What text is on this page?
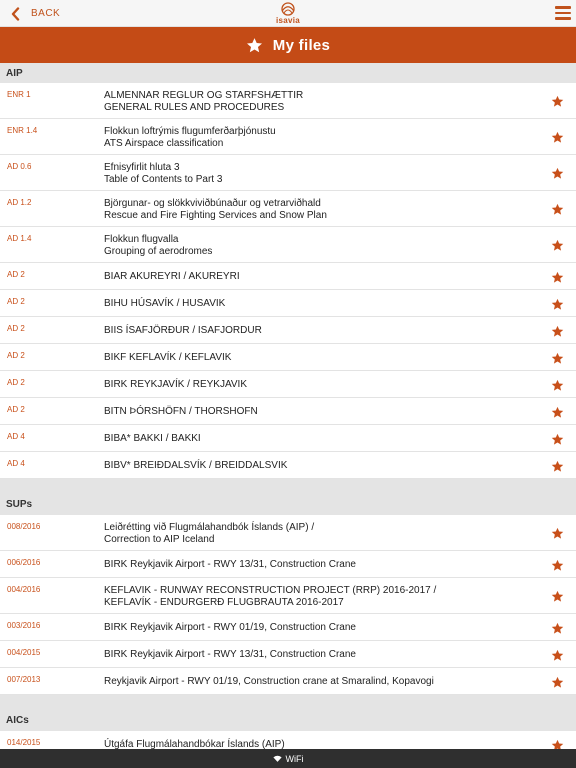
BACK
isavia
My files
AIP
ENR 1	ALMENNAR REGLUR OG STARFSHÆTTIR
GENERAL RULES AND PROCEDURES
ENR 1.4	Flokkun loftrýmis flugumferðarþjónustu
ATS Airspace classification
AD 0.6	Efnisyfirlit hluta 3
Table of Contents to Part 3
AD 1.2	Björgunar- og slökkviviðbúnaður og vetrarviðhald
Rescue and Fire Fighting Services and Snow Plan
AD 1.4	Flokkun flugvalla
Grouping of aerodromes
AD 2	BIAR AKUREYRI / AKUREYRI
AD 2	BIHU HÚSAVÍK / HUSAVIK
AD 2	BIIS ÍSAFJÖRÐUR / ISAFJORDUR
AD 2	BIKF KEFLAVÍK / KEFLAVIK
AD 2	BIRK REYKJAVÍK / REYKJAVIK
AD 2	BITN ÞÓRSHÖFN / THORSHOFN
AD 4	BIBA* BAKKI / BAKKI
AD 4	BIBV* BREIÐDALSVÍK / BREIDDALSVIK
SUPs
008/2016	Leiðrétting við Flugmálahandbók Íslands (AIP) /
Correction to AIP Iceland
006/2016	BIRK Reykjavik Airport - RWY 13/31, Construction Crane
004/2016	KEFLAVIK - RUNWAY RECONSTRUCTION PROJECT (RRP) 2016-2017 /
KEFLAVÍK - ENDURGERÐ FLUGBRAUTA 2016-2017
003/2016	BIRK Reykjavik Airport - RWY 01/19, Construction Crane
004/2015	BIRK Reykjavik Airport - RWY 13/31, Construction Crane
007/2013	Reykjavik Airport - RWY 01/19, Construction crane at Smaralind, Kopavogi
AICs
014/2015	Útgáfa Flugmálahandbókar Íslands (AIP)
WiFi
